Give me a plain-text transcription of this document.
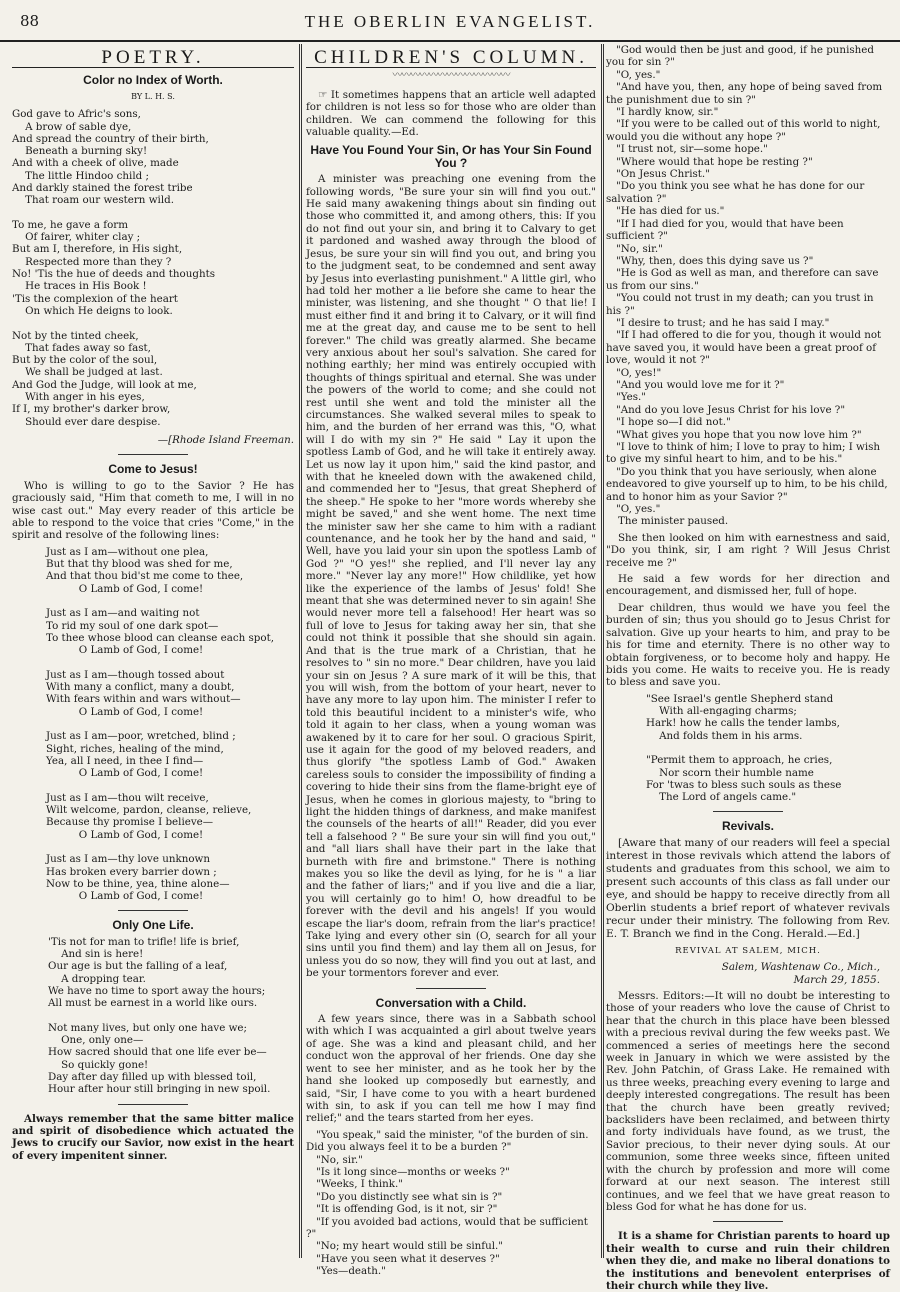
88	THE OBERLIN EVANGELIST.
POETRY.
Color no Index of Worth.
BY L. H. S.
God gave to Afric's sons,
A brow of sable dye,
And spread the country of their birth,
Beneath a burning sky!
And with a cheek of olive, made
The little Hindoo child ;
And darkly stained the forest tribe
That roam our western wild.

To me, he gave a form
Of fairer, whiter clay ;
But am I, therefore, in His sight,
Respected more than they ?
No! 'Tis the hue of deeds and thoughts
He traces in His Book !
'Tis the complexion of the heart
On which He deigns to look.

Not by the tinted cheek,
That fades away so fast,
But by the color of the soul,
We shall be judged at last.
And God the Judge, will look at me,
With anger in his eyes,
If I, my brother's darker brow,
Should ever dare despise.
—[Rhode Island Freeman.
Come to Jesus!
Who is willing to go to the Savior ? He has graciously said, "Him that cometh to me, I will in no wise cast out." May every reader of this article be able to respond to the voice that cries "Come," in the spirit and resolve of the following lines:
Just as I am—without one plea,
But that thy blood was shed for me,
And that thou bid'st me come to thee,
O Lamb of God, I come!

Just as I am—and waiting not
To rid my soul of one dark spot—
To thee whose blood can cleanse each spot,
O Lamb of God, I come!

Just as I am—though tossed about
With many a conflict, many a doubt,
With fears within and wars without—
O Lamb of God, I come!

Just as I am—poor, wretched, blind ;
Sight, riches, healing of the mind,
Yea, all I need, in thee I find—
O Lamb of God, I come!

Just as I am—thou wilt receive,
Wilt welcome, pardon, cleanse, relieve,
Because thy promise I believe—
O Lamb of God, I come!

Just as I am—thy love unknown
Has broken every barrier down ;
Now to be thine, yea, thine alone—
O Lamb of God, I come!
Only One Life.
'Tis not for man to trifle! life is brief,
And sin is here!
Our age is but the falling of a leaf,
A dropping tear.
We have no time to sport away the hours;
All must be earnest in a world like ours.

Not many lives, but only one have we;
One, only one—
How sacred should that one life ever be—
So quickly gone!
Day after day filled up with blessed toil,
Hour after hour still bringing in new spoil.
Always remember that the same bitter malice and spirit of disobedience which actuated the Jews to crucify our Savior, now exist in the heart of every impenitent sinner.
CHILDREN'S COLUMN.
〰〰〰〰〰〰〰〰〰〰〰〰〰
☞ It sometimes happens that an article well adapted for children is not less so for those who are older than children. We can commend the following for this valuable quality.—Ed.
Have You Found Your Sin, Or has Your Sin Found You ?
A minister was preaching one evening from the following words, "Be sure your sin will find you out." He said many awakening things about sin finding out those who committed it, and among others, this: If you do not find out your sin, and bring it to Calvary to get it pardoned and washed away through the blood of Jesus, be sure your sin will find you out, and bring you to the judgment seat, to be condemned and sent away by Jesus into everlasting punishment." A little girl, who had told her mother a lie before she came to hear the minister, was listening, and she thought " O that lie! I must either find it and bring it to Calvary, or it will find me at the great day, and cause me to be sent to hell forever." The child was greatly alarmed. She became very anxious about her soul's salvation. She cared for nothing earthly; her mind was entirely occupied with thoughts of things spiritual and eternal. She was under the powers of the world to come; and she could not rest until she went and told the minister all the circumstances. She walked several miles to speak to him, and the burden of her errand was this, "O, what will I do with my sin ?" He said " Lay it upon the spotless Lamb of God, and he will take it entirely away. Let us now lay it upon him," said the kind pastor, and with that he kneeled down with the awakened child, and commended her to "Jesus, that great Shepherd of the sheep." He spoke to her "more words whereby she might be saved," and she went home. The next time the minister saw her she came to him with a radiant countenance, and he took her by the hand and said, " Well, have you laid your sin upon the spotless Lamb of God ?" "O yes!" she replied, and I'll never lay any more." "Never lay any more!" How childlike, yet how like the experience of the lambs of Jesus' fold! She meant that she was determined never to sin again! She would never more tell a falsehood! Her heart was so full of love to Jesus for taking away her sin, that she could not think it possible that she should sin again. And that is the true mark of a Christian, that he resolves to " sin no more." Dear children, have you laid your sin on Jesus ? A sure mark of it will be this, that you will wish, from the bottom of your heart, never to have any more to lay upon him. The minister I refer to told this beautiful incident to a minister's wife, who told it again to her class, when a young woman was awakened by it to care for her soul. O gracious Spirit, use it again for the good of my beloved readers, and thus glorify "the spotless Lamb of God." Awaken careless souls to consider the impossibility of finding a covering to hide their sins from the flame-bright eye of Jesus, when he comes in glorious majesty, to "bring to light the hidden things of darkness, and make manifest the counsels of the hearts of all!" Reader, did you ever tell a falsehood ? " Be sure your sin will find you out," and "all liars shall have their part in the lake that burneth with fire and brimstone." There is nothing makes you so like the devil as lying, for he is " a liar and the father of liars;" and if you live and die a liar, you will certainly go to him! O, how dreadful to be forever with the devil and his angels! If you would escape the liar's doom, refrain from the liar's practice! Take lying and every other sin (O, search for all your sins until you find them) and lay them all on Jesus, for unless you do so now, they will find you out at last, and be your tormentors forever and ever.
Conversation with a Child.
A few years since, there was in a Sabbath school with which I was acquainted a girl about twelve years of age. She was a kind and pleasant child, and her conduct won the approval of her friends. One day she went to see her minister, and as he took her by the hand she looked up composedly but earnestly, and said, "Sir, I have come to you with a heart burdened with sin, to ask if you can tell me how I may find relief;" and the tears started from her eyes.
"You speak," said the minister, "of the burden of sin. Did you always feel it to be a burden ?"
"No, sir."
"Is it long since—months or weeks ?"
"Weeks, I think."
"Do you distinctly see what sin is ?"
"It is offending God, is it not, sir ?"
"If you avoided bad actions, would that be sufficient ?"
"No; my heart would still be sinful."
"Have you seen what it deserves ?"
"Yes—death."
"God would then be just and good, if he punished you for sin ?"
"O, yes."
"And have you, then, any hope of being saved from the punishment due to sin ?"
"I hardly know, sir."
"If you were to be called out of this world to night, would you die without any hope ?"
"I trust not, sir—some hope."
"Where would that hope be resting ?"
"On Jesus Christ."
"Do you think you see what he has done for our salvation ?"
"He has died for us."
"If I had died for you, would that have been sufficient ?"
"No, sir."
"Why, then, does this dying save us ?"
"He is God as well as man, and therefore can save us from our sins."
"You could not trust in my death; can you trust in his ?"
"I desire to trust; and he has said I may."
"If I had offered to die for you, though it would not have saved you, it would have been a great proof of love, would it not ?"
"O, yes!"
"And you would love me for it ?"
"Yes."
"And do you love Jesus Christ for his love ?"
"I hope so—I did not."
"What gives you hope that you now love him ?"
"I love to think of him; I love to pray to him; I wish to give my sinful heart to him, and to be his."
"Do you think that you have seriously, when alone endeavored to give yourself up to him, to be his child, and to honor him as your Savior ?"
"O, yes."
The minister paused.
She then looked on him with earnestness and said, "Do you think, sir, I am right ? Will Jesus Christ receive me ?"
He said a few words for her direction and encouragement, and dismissed her, full of hope.
Dear children, thus would we have you feel the burden of sin; thus you should go to Jesus Christ for salvation. Give up your hearts to him, and pray to be his for time and eternity. There is no other way to obtain forgiveness, or to become holy and happy. He bids you come. He waits to receive you. He is ready to bless and save you.
"See Israel's gentle Shepherd stand
With all-engaging charms;
Hark! how he calls the tender lambs,
And folds them in his arms.

"Permit them to approach, he cries,
Nor scorn their humble name
For 'twas to bless such souls as these
The Lord of angels came."
Revivals.
[Aware that many of our readers will feel a special interest in those revivals which attend the labors of students and graduates from this school, we aim to present such accounts of this class as fall under our eye, and should be happy to receive directly from all Oberlin students a brief report of whatever revivals recur under their ministry. The following from Rev. E. T. Branch we find in the Cong. Herald.—Ed.]
REVIVAL AT SALEM, MICH.
Salem, Washtenaw Co., Mich.,
March 29, 1855.
Messrs. Editors:—It will no doubt be interesting to those of your readers who love the cause of Christ to hear that the church in this place have been blessed with a precious revival during the few weeks past. We commenced a series of meetings here the second week in January in which we were assisted by the Rev. John Patchin, of Grass Lake. He remained with us three weeks, preaching every evening to large and deeply interested congregations. The result has been that the church have been greatly revived; backsliders have been reclaimed, and between thirty and forty individuals have found, as we trust, the Savior precious, to their never dying souls. At our communion, some three weeks since, fifteen united with the church by profession and more will come forward at our next season. The interest still continues, and we feel that we have great reason to bless God for what he has done for us.
It is a shame for Christian parents to hoard up their wealth to curse and ruin their children when they die, and make no liberal donations to the institutions and benevolent enterprises of their church while they live.
